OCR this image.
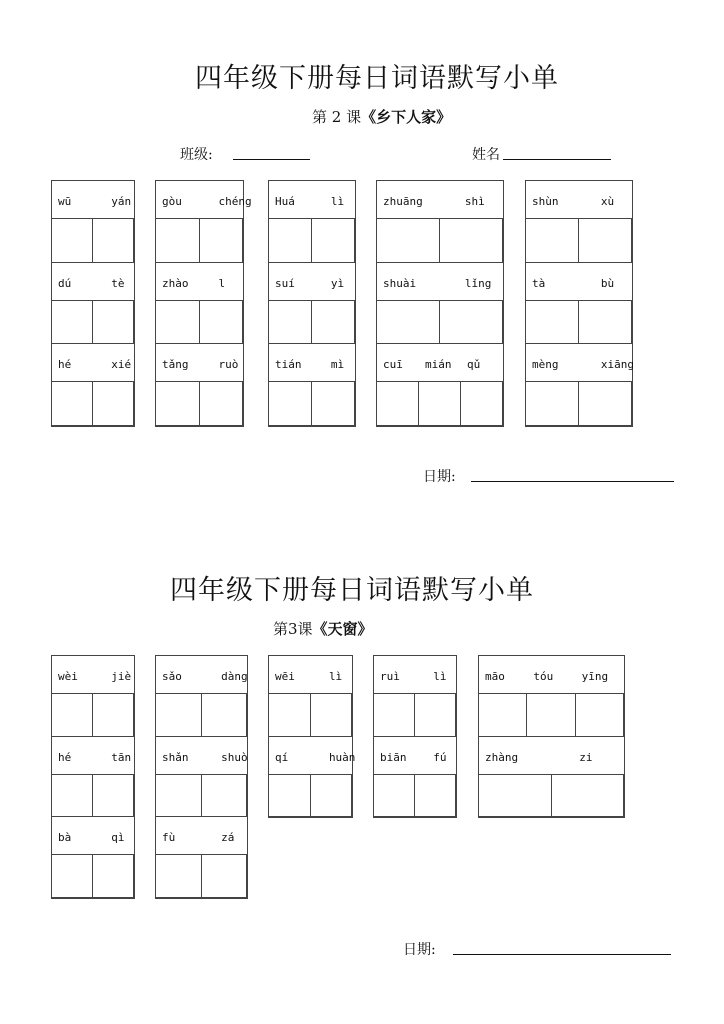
四年级下册每日词语默写小单
第 2 课《乡下人家》
班级:	姓名
wū	yán
dú	tè
hé	xié
gòu	chéng
zhào	l
tǎng	ruò
Huá	lì
suí	yì
tián	mì
zhuāng	shì
shuài	lǐng
cuī mián qǔ
shùn	xù
tà	bù
mèng	xiāng
日期:
四年级下册每日词语默写小单
第3课《天窗》
wèi	jiè
hé	tān
bà	qì
sǎo	dàng
shǎn	shuò
fù	zá
wēi	lì
qí	huàn
ruì	lì
biān fú
māo	tóu	yīng
zhàng	zi
日期:
